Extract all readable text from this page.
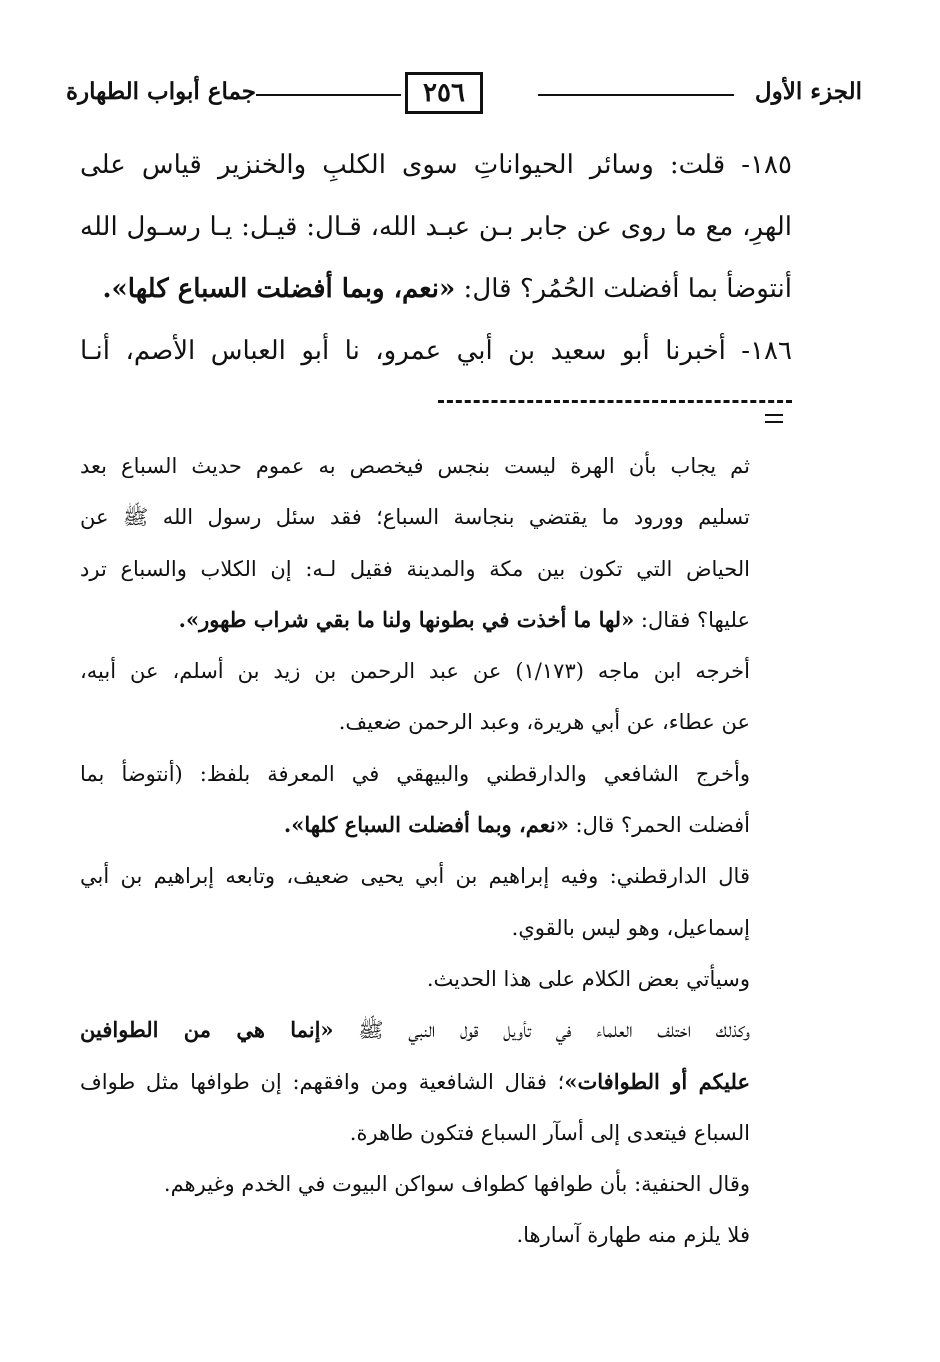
الجزء الأول
٢٥٦
جماع أبواب الطهارة
١٨٥- قلت: وسائر الحيواناتِ سوى الكلبِ والخنزير قياس على
الهرِ، مع ما روى عن جابر بـن عبـد الله، قـال: قيـل: يـا رسـول الله
أنتوضأ بما أفضلت الحُمُر؟ قال: «نعم، وبما أفضلت السباع كلها».
١٨٦- أخبرنا أبو سعيد بن أبي عمرو، نا أبو العباس الأصم، أنـا
ثم يجاب بأن الهرة ليست بنجس فيخصص به عموم حديث السباع بعد
تسليم وورود ما يقتضي بنجاسة السباع؛ فقد سئل رسول الله ﷺ عن
الحياض التي تكون بين مكة والمدينة فقيل لـه: إن الكلاب والسباع ترد
عليها؟ فقال: «لها ما أخذت في بطونها ولنا ما بقي شراب طهور».
أخرجه ابن ماجه (١/١٧٣) عن عبد الرحمن بن زيد بن أسلم، عن أبيه،
عن عطاء، عن أبي هريرة، وعبد الرحمن ضعيف.
وأخرج الشافعي والدارقطني والبيهقي في المعرفة بلفظ: (أنتوضأ بما
أفضلت الحمر؟ قال: «نعم، وبما أفضلت السباع كلها».
قال الدارقطني: وفيه إبراهيم بن أبي يحيى ضعيف، وتابعه إبراهيم بن أبي
إسماعيل، وهو ليس بالقوي.
وسيأتي بعض الكلام على هذا الحديث.
وكذلك اختلف العلماء في تأويل قول النبي ﷺ «إنما هي من الطوافين
عليكم أو الطوافات»؛ فقال الشافعية ومن وافقهم: إن طوافها مثل طواف
السباع فيتعدى إلى أسآر السباع فتكون طاهرة.
وقال الحنفية: بأن طوافها كطواف سواكن البيوت في الخدم وغيرهم.
فلا يلزم منه طهارة آسارها.
